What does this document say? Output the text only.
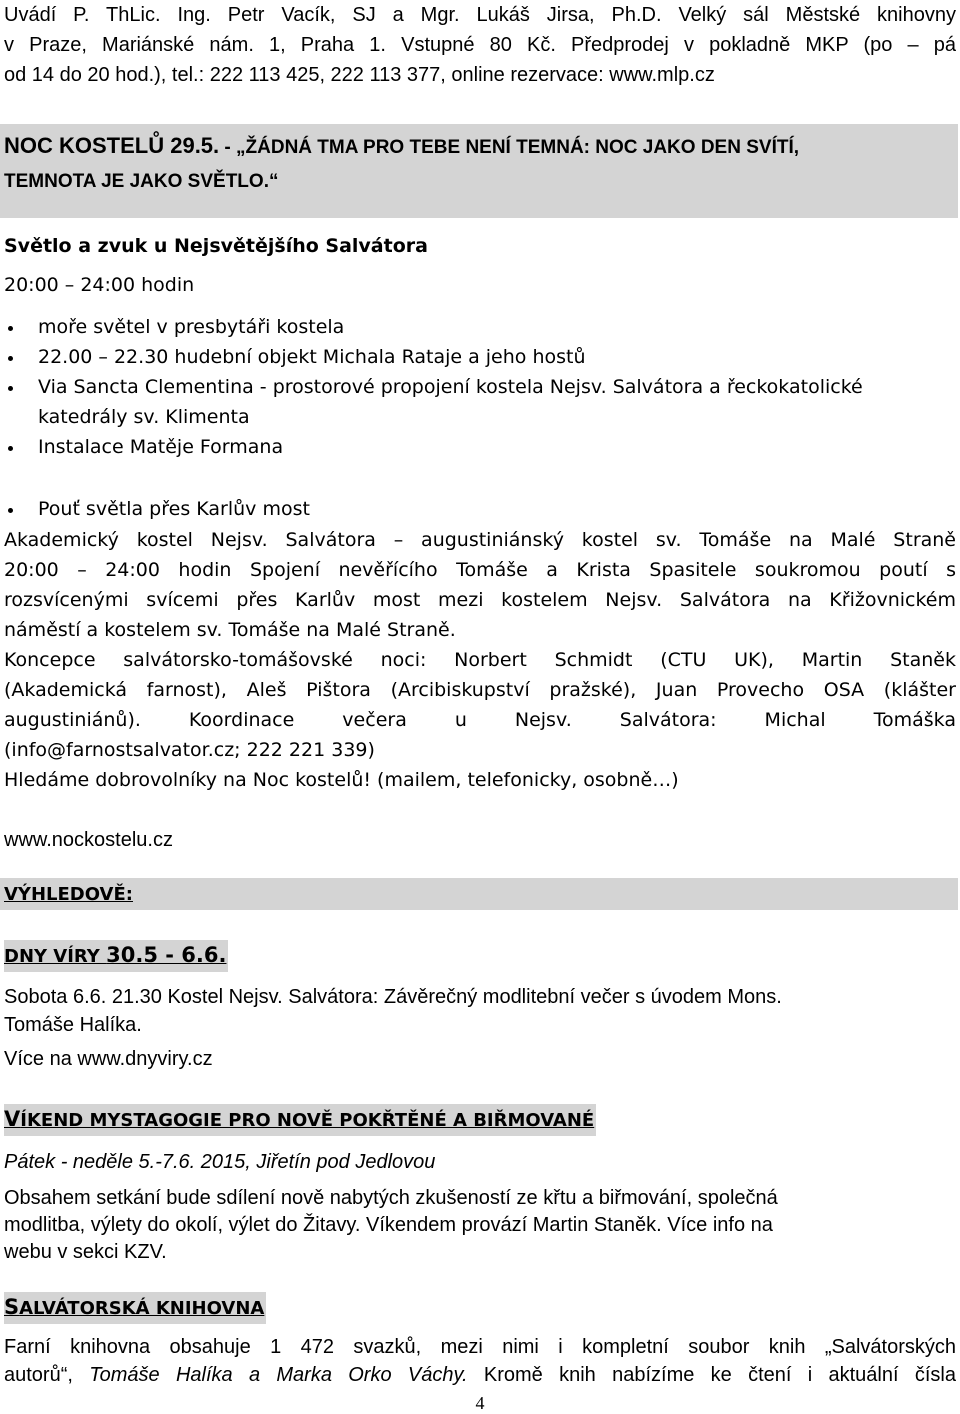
Uvádí P. ThLic. Ing. Petr Vacík, SJ a Mgr. Lukáš Jirsa, Ph.D. Velký sál Městské knihovny

v Praze, Mariánské nám. 1, Praha 1. Vstupné 80 Kč. Předprodej v pokladně MKP (po – pá

od 14 do 20 hod.), tel.: 222 113 425, 222 113 377, online rezervace: www.mlp.cz

NOC KOSTELŮ 29.5. - „ŽÁDNÁ TMA PRO TEBE NENÍ TEMNÁ: NOC JAKO DEN SVÍTÍ,

TEMNOTA JE JAKO SVĚTLO.“

Světlo a zvuk u Nejsvětějšího Salvátora

20:00 – 24:00 hodin

moře světel v presbytáři kostela
22.00 – 22.30 hudební objekt Michala Rataje a jeho hostů
Via Sancta Clementina - prostorové propojení kostela Nejsv. Salvátora a řeckokatolické katedrály sv. Klimenta
Instalace Matěje Formana
Pouť světla přes Karlův most

Akademický kostel Nejsv. Salvátora – augustiniánský kostel sv. Tomáše na Malé Straně

20:00 – 24:00 hodin Spojení nevěřícího Tomáše a Krista Spasitele soukromou poutí s

rozsvícenými svícemi přes Karlův most mezi kostelem Nejsv. Salvátora na Křižovnickém

náměstí a kostelem sv. Tomáše na Malé Straně.

Koncepce salvátorsko-tomášovské noci: Norbert Schmidt (CTU UK), Martin Staněk

(Akademická farnost), Aleš Pištora (Arcibiskupství pražské), Juan Provecho OSA (klášter

augustiniánů). Koordinace večera u Nejsv. Salvátora: Michal Tomáška

(info@farnostsalvator.cz; 222 221 339)

Hledáme dobrovolníky na Noc kostelů! (mailem, telefonicky, osobně…)

www.nockostelu.cz

VÝHLEDOVĚ:
DNY VÍRY 30.5 - 6.6.

Sobota 6.6. 21.30 Kostel Nejsv. Salvátora: Závěrečný modlitební večer s úvodem Mons.

Tomáše Halíka.

Více na www.dnyviry.cz

VÍKEND MYSTAGOGIE PRO NOVĚ POKŘTĚNÉ A BIŘMOVANÉ

Pátek - neděle 5.-7.6. 2015, Jiřetín pod Jedlovou

Obsahem setkání bude sdílení nově nabytých zkušeností ze křtu a biřmování, společná

modlitba, výlety do okolí, výlet do Žitavy. Víkendem provází Martin Staněk. Více info na

webu v sekci KZV.

SALVÁTORSKÁ KNIHOVNA

Farní knihovna obsahuje 1 472 svazků, mezi nimi i kompletní soubor knih „Salvátorských

autorů“, Tomáše Halíka a Marka Orko Váchy. Kromě knih nabízíme ke čtení i aktuální čísla

4
